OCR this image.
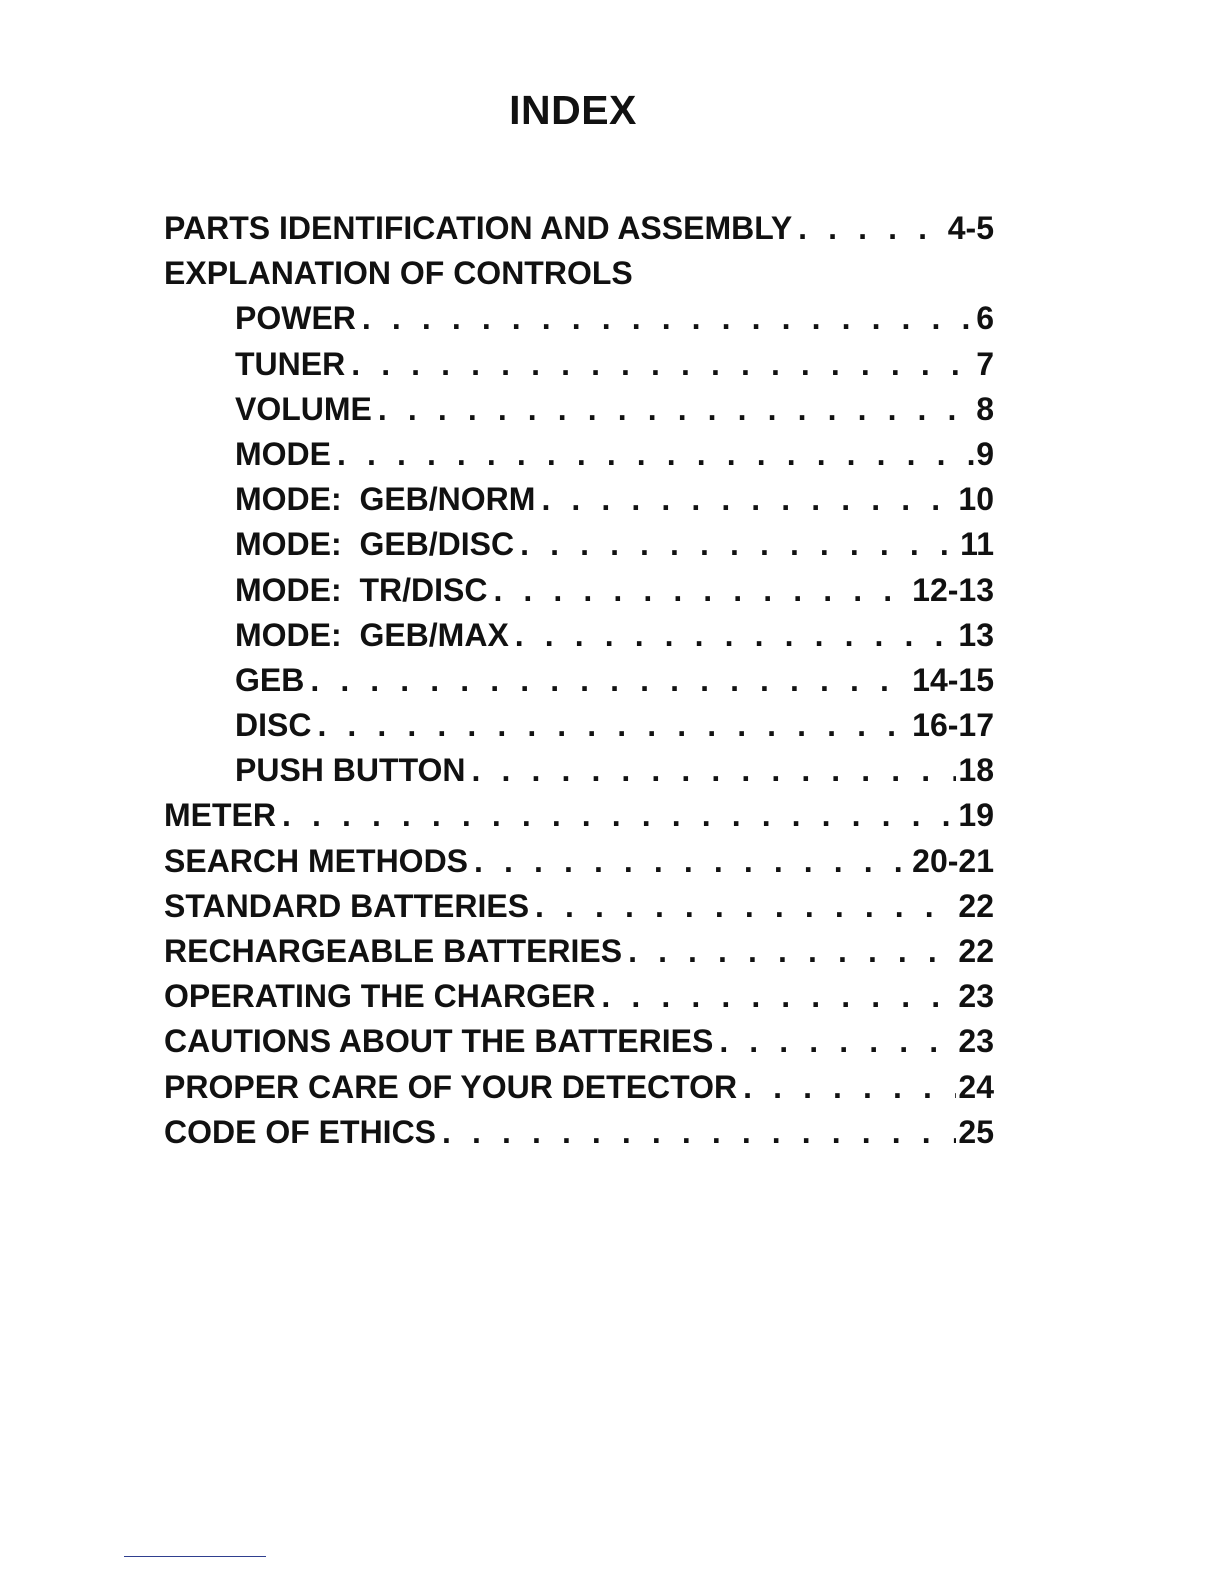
INDEX
PARTS IDENTIFICATION AND ASSEMBLY . . .	4-5
EXPLANATION OF CONTROLS
POWER . . .	6
TUNER . . .	7
VOLUME . . .	8
MODE . . .	9
MODE:  GEB/NORM . . .	10
MODE:  GEB/DISC . . .	11
MODE:  TR/DISC . . .	12-13
MODE:  GEB/MAX . . .	13
GEB . . .	14-15
DISC . . .	16-17
PUSH BUTTON . . .	18
METER . . .	19
SEARCH METHODS . . .	20-21
STANDARD BATTERIES . . .	22
RECHARGEABLE BATTERIES . . .	22
OPERATING THE CHARGER . . .	23
CAUTIONS ABOUT THE BATTERIES . . .	23
PROPER CARE OF YOUR DETECTOR . . .	24
CODE OF ETHICS . . .	25
